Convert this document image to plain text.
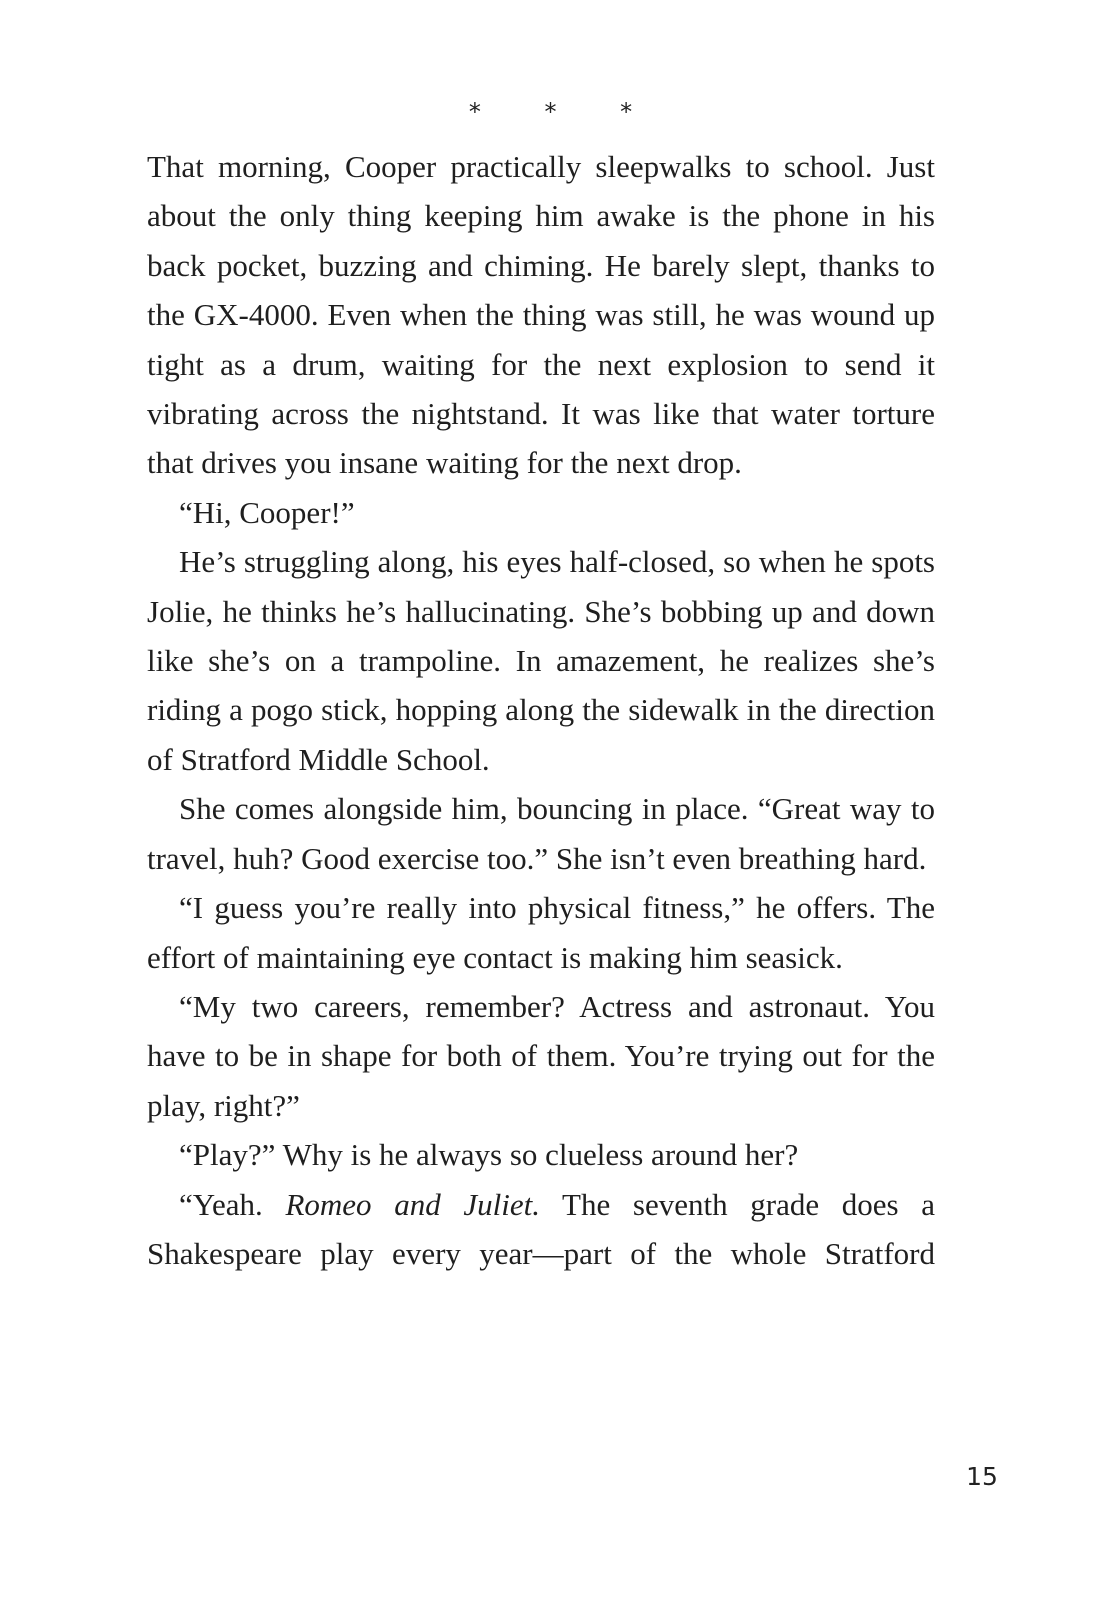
*	*	*

That morning, Cooper practically sleepwalks to school. Just about the only thing keeping him awake is the phone in his back pocket, buzzing and chiming. He barely slept, thanks to the GX-4000. Even when the thing was still, he was wound up tight as a drum, waiting for the next explosion to send it vibrating across the nightstand. It was like that water torture that drives you insane waiting for the next drop.

“Hi, Cooper!”

He’s struggling along, his eyes half-closed, so when he spots Jolie, he thinks he’s hallucinating. She’s bobbing up and down like she’s on a trampoline. In amazement, he realizes she’s riding a pogo stick, hopping along the sidewalk in the direction of Stratford Middle School.

She comes alongside him, bouncing in place. “Great way to travel, huh? Good exercise too.” She isn’t even breathing hard.

“I guess you’re really into physical fitness,” he offers. The effort of maintaining eye contact is making him seasick.

“My two careers, remember? Actress and astronaut. You have to be in shape for both of them. You’re trying out for the play, right?”

“Play?” Why is he always so clueless around her?

“Yeah. Romeo and Juliet. The seventh grade does a Shakespeare play every year—part of the whole Stratford

15
